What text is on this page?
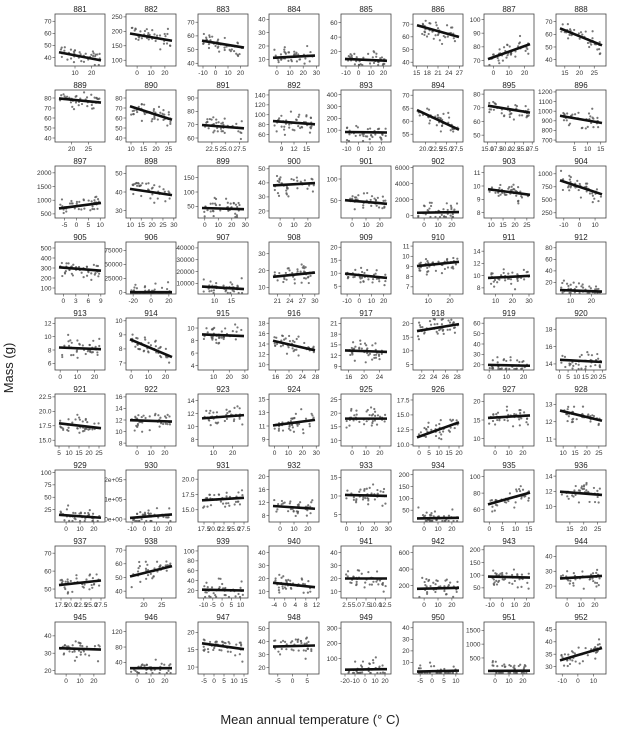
881
10 20
40
50
60
70
882
0 10 20
100
150
200
250
883
-10 0 10 20
40
50
60
70
884
0 10 20 30
10
20
30
40
885
-10 0 10 20
20
40
60
886
15 18 21 24 27
40
50
60
70
887
0 10 20
70
80
90
100
888
15 20 25
40
50
60
70
889
20 25
40
50
60
70
80
890
10 15 20 25
40
50
60
70
80
891
22.5 25.0 27.5
60
70
80
90
892
9 12 15
60
80
100
120
140
893
-10 0 10 20
100
200
300
400
894
20.0
22.5
25.0
27.5
55
60
65
70
895
15.0
17.5
20.0
22.5
25.0
27.5
50
60
70
80
896
5 10 15
700
800
900
1000
1100
1200
897
-5 0 5 10
500
1000
1500
2000
898
10 15 20 25 30
30
40
50
899
0 10 20 30
50
100
150
900
0 10 20
20
30
40
50
901
0 10 20
50
100
902
0 10 20
0
2000
4000
6000
903
10 15 20 25
8
9
10
11
904
-10 0 10
250
500
750
1000
905
0 3 6 9
100
200
300
400
500
906
-20 0 20
0
25000
50000
75000
907
10 15
10000
20000
30000
40000
908
21 24 27 30
10
20
30
909
-10 0 10 20
5
10
15
20
910
10 20
7
8
9
10
11
911
10 20 30
8
10
12
14
912
10 20
20
40
60
80
913
0 10 20
6
8
10
12
914
0 10 20
7
8
9
10
915
10 20 30
4
6
8
10
916
16 20 24 28
10
12
14
16
18
917
16 20 24
9
12
15
18
21
918
22 24 26 28
5
10
15
20
919
0 10 20
20
30
40
50
60
920
0 5 10 15 20 25
14
16
18
921
5 10 15 20 25
15.0
17.5
20.0
22.5
922
0 10 20
8
10
12
14
16
923
10 20
8
10
12
14
924
0 10 20 30
9
11
13
15
925
0 10 20
10
15
20
25
926
0 5 10 15 20
10.0
12.5
15.0
17.5
927
0 10 20
10
15
20
928
10 15 20 25
11
12
13
929
0 10 20
25
50
75
100
930
-10 0 10 20
0e+00
1e+05
2e+05
931
17.5
20.0
22.5
25.0
27.5
15.0
17.5
20.0
932
0 10 20
8
12
16
20
933
0 10 20 30
5
10
15
934
0 10 20
50
100
150
200
935
0 5 10 15
60
80
100
936
15 20 25
10
12
14
937
17.5
20.0
22.5
25.0
27.5
50
60
70
938
20 25
40
50
60
70
939
-10 -5 0 5 10
20
40
60
80
100
940
-4 0 4 8 12
10
20
30
40
941
2.5 5.0 7.5
10.0
12.5
10
20
30
40
942
0 10 20
200
400
600
943
-10 0 10 20
50
100
150
200
944
0 10 20
20
30
40
945
0 10 20
20
30
40
946
0 10 20
40
80
120
947
-5 0 5 10 15
10
15
20
948
-5 0 5
20
30
40
50
949
-20 -10 0 10 20
100
200
300
950
-5 0 5 10
10
20
30
40
951
0 10 20
500
1000
1500
952
-10 0 10
30
35
40
45
Mass (g)
Mean annual temperature (° C)
